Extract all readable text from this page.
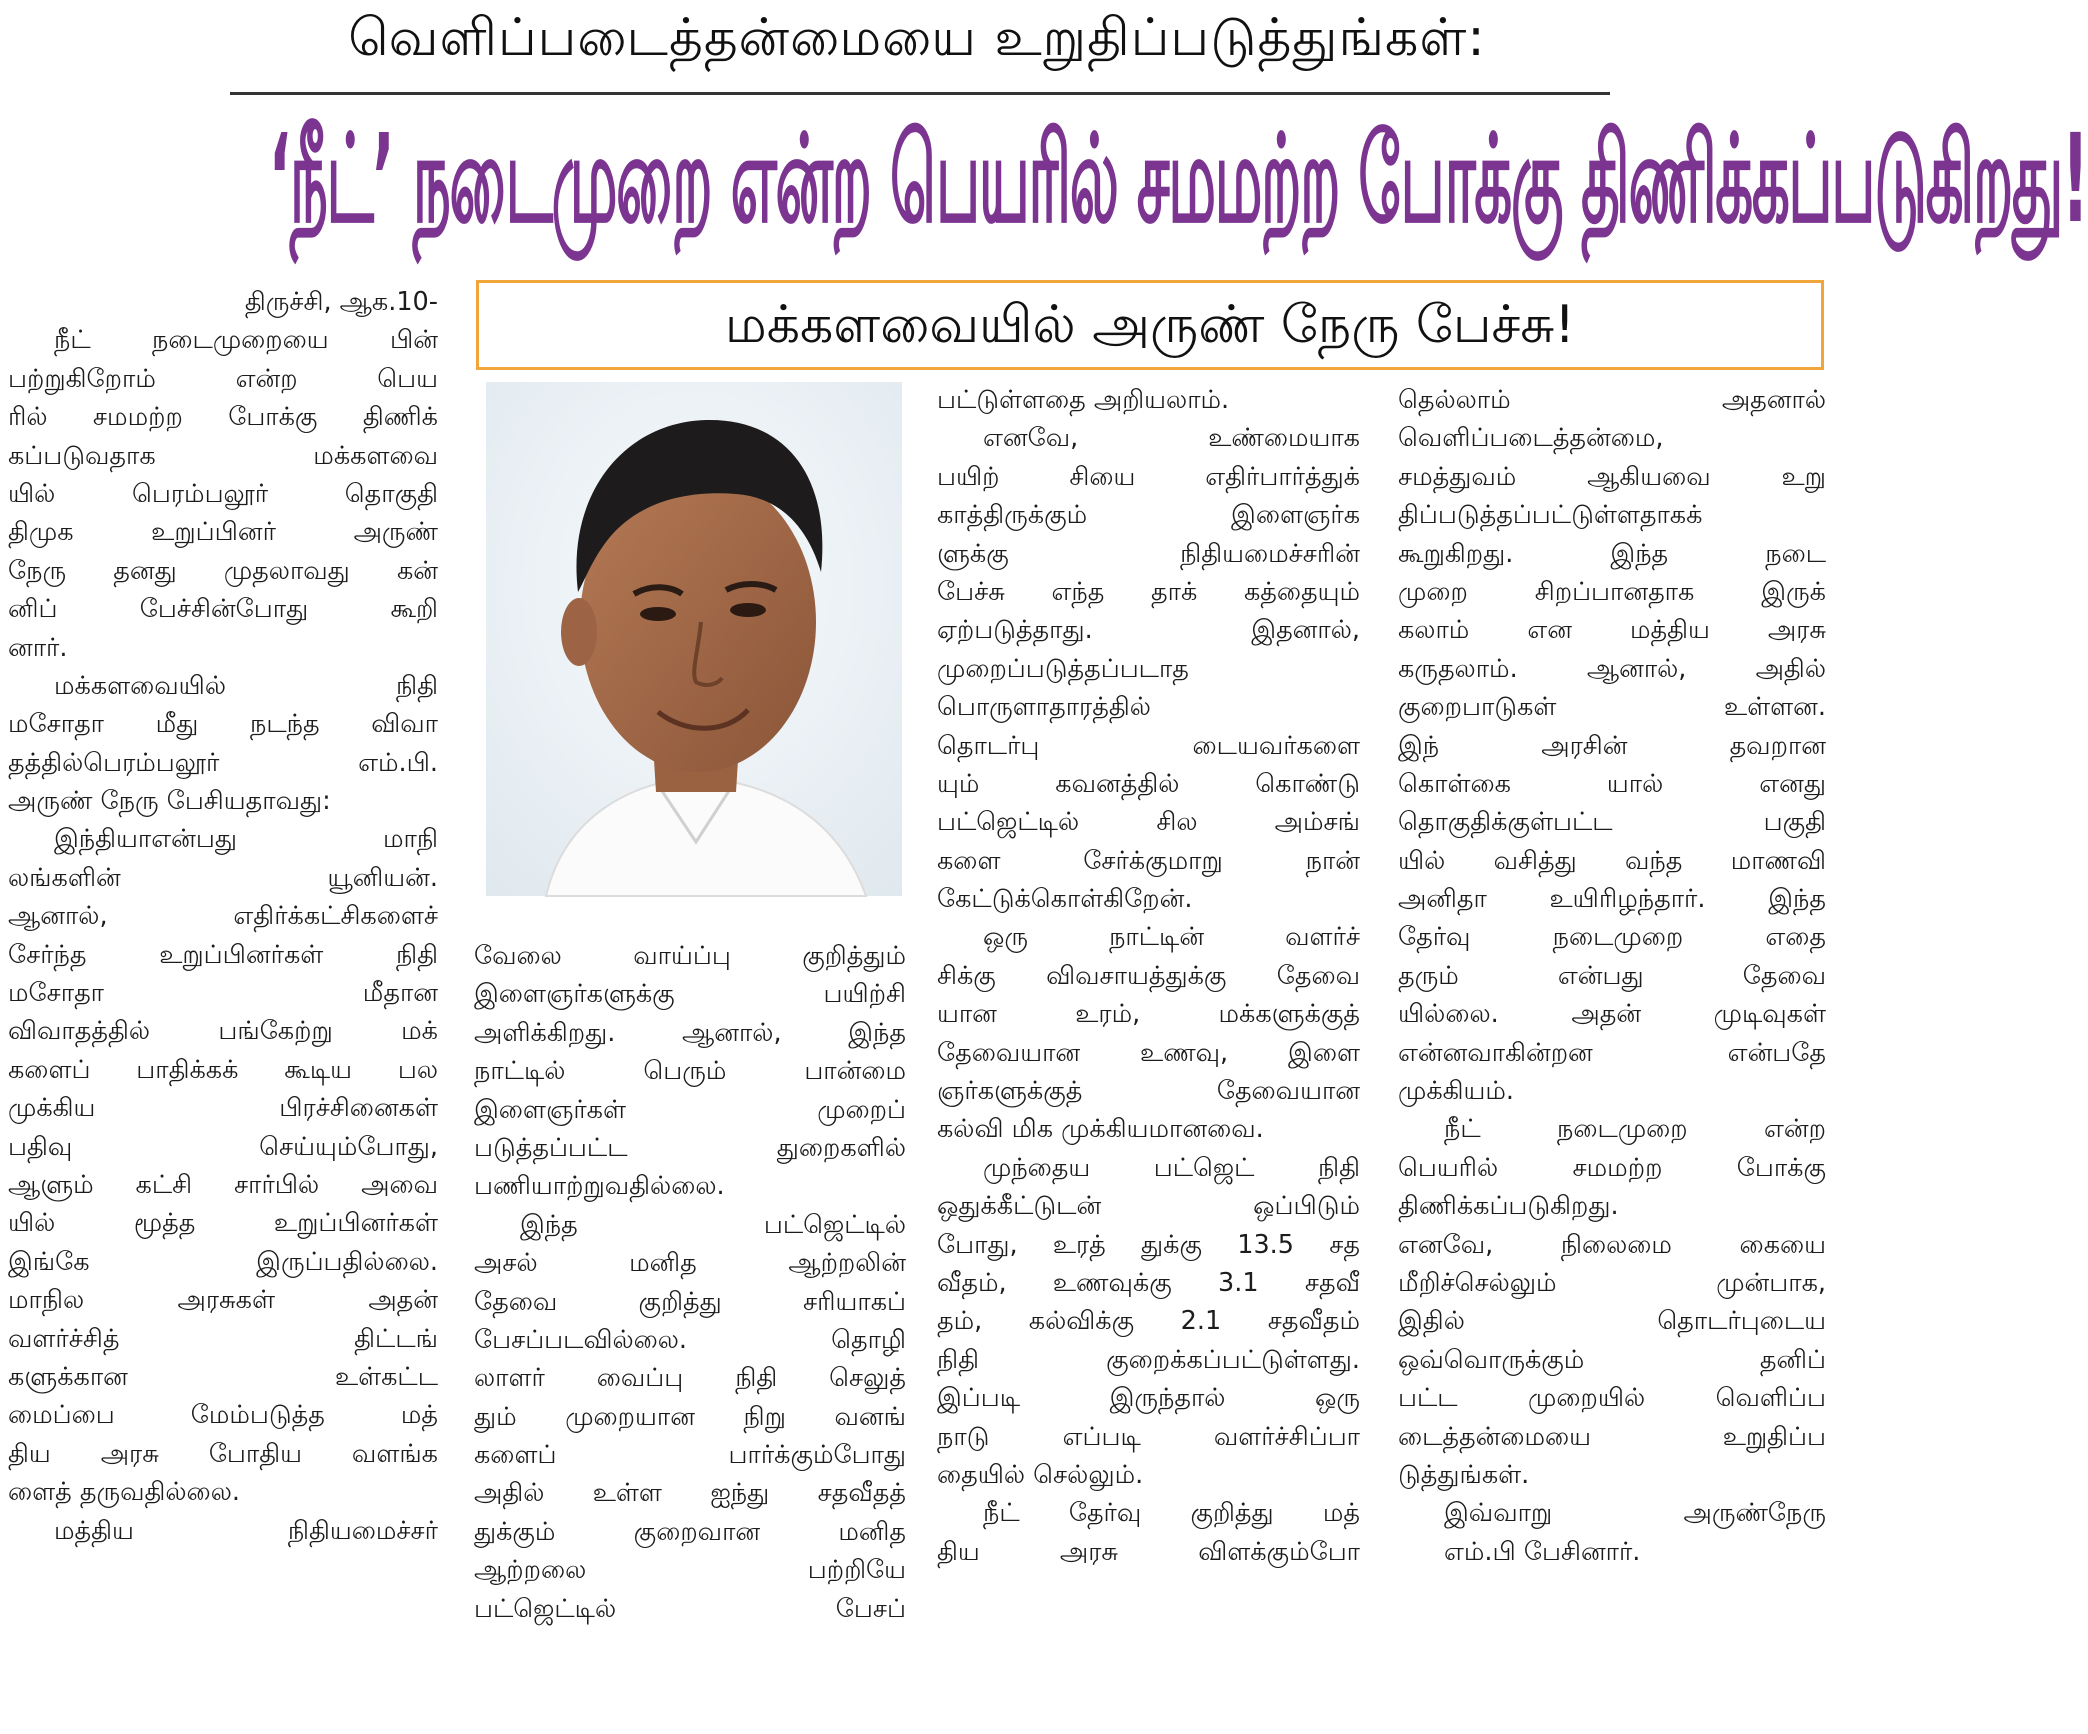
வெளிப்படைத்தன்மையை உறுதிப்படுத்துங்கள்:
‘நீட்’ நடைமுறை என்ற பெயரில் சமமற்ற போக்கு திணிக்கப்படுகிறது!
மக்களவையில் அருண் நேரு பேச்சு!
திருச்சி, ஆக.10-
நீட் நடைமுறையை பின்
பற்றுகிறோம் என்ற பெய
ரில் சமமற்ற போக்கு திணிக்
கப்படுவதாக மக்களவை
யில் பெரம்பலூர் தொகுதி
திமுக உறுப்பினர் அருண்
நேரு தனது முதலாவது கன்
னிப் பேச்சின்போது கூறி
னார்.
மக்களவையில் நிதி
மசோதா மீது நடந்த விவா
தத்தில்பெரம்பலூர் எம்.பி.
அருண் நேரு பேசியதாவது:
இந்தியாஎன்பது மாநி
லங்களின் யூனியன்.
ஆனால், எதிர்க்கட்சிகளைச்
சேர்ந்த உறுப்பினர்கள் நிதி
மசோதா மீதான
விவாதத்தில் பங்கேற்று மக்
களைப் பாதிக்கக் கூடிய பல
முக்கிய பிரச்சினைகள்
பதிவு செய்யும்போது,
ஆளும் கட்சி சார்பில் அவை
யில் மூத்த உறுப்பினர்கள்
இங்கே இருப்பதில்லை.
மாநில அரசுகள் அதன்
வளர்ச்சித் திட்டங்
களுக்கான உள்கட்ட
மைப்பை மேம்படுத்த மத்
திய அரசு போதிய வளங்க
ளைத் தருவதில்லை.
மத்திய நிதியமைச்சர்
வேலை வாய்ப்பு குறித்தும்
இளைஞர்களுக்கு பயிற்சி
அளிக்கிறது. ஆனால், இந்த
நாட்டில் பெரும் பான்மை
இளைஞர்கள் முறைப்
படுத்தப்பட்ட துறைகளில்
பணியாற்றுவதில்லை.
இந்த பட்ஜெட்டில்
அசல் மனித ஆற்றலின்
தேவை குறித்து சரியாகப்
பேசப்படவில்லை. தொழி
லாளர் வைப்பு நிதி செலுத்
தும் முறையான நிறு வனங்
களைப் பார்க்கும்போது
அதில் உள்ள ஐந்து சதவீதத்
துக்கும் குறைவான மனித
ஆற்றலை பற்றியே
பட்ஜெட்டில் பேசப்
பட்டுள்ளதை அறியலாம்.
எனவே, உண்மையாக
பயிற் சியை எதிர்பார்த்துக்
காத்திருக்கும் இளைஞர்க
ளுக்கு நிதியமைச்சரின்
பேச்சு எந்த தாக் கத்தையும்
ஏற்படுத்தாது. இதனால்,
முறைப்படுத்தப்படாத
பொருளாதாரத்தில்
தொடர்பு டையவர்களை
யும் கவனத்தில் கொண்டு
பட்ஜெட்டில் சில அம்சங்
களை சேர்க்குமாறு நான்
கேட்டுக்கொள்கிறேன்.
ஒரு நாட்டின் வளர்ச்
சிக்கு விவசாயத்துக்கு தேவை
யான உரம், மக்களுக்குத்
தேவையான உணவு, இளை
ஞர்களுக்குத் தேவையான
கல்வி மிக முக்கியமானவை.
முந்தைய பட்ஜெட் நிதி
ஒதுக்கீட்டுடன் ஒப்பிடும்
போது, உரத் துக்கு 13.5 சத
வீதம், உணவுக்கு 3.1 சதவீ
தம், கல்விக்கு 2.1 சதவீதம்
நிதி குறைக்கப்பட்டுள்ளது.
இப்படி இருந்தால் ஒரு
நாடு எப்படி வளர்ச்சிப்பா
தையில் செல்லும்.
நீட் தேர்வு குறித்து மத்
திய அரசு விளக்கும்போ
தெல்லாம் அதனால்
வெளிப்படைத்தன்மை,
சமத்துவம் ஆகியவை உறு
திப்படுத்தப்பட்டுள்ளதாகக்
கூறுகிறது. இந்த நடை
முறை சிறப்பானதாக இருக்
கலாம் என மத்திய அரசு
கருதலாம். ஆனால், அதில்
குறைபாடுகள் உள்ளன.
இந் அரசின் தவறான
கொள்கை யால் எனது
தொகுதிக்குள்பட்ட பகுதி
யில் வசித்து வந்த மாணவி
அனிதா உயிரிழந்தார். இந்த
தேர்வு நடைமுறை எதை
தரும் என்பது தேவை
யில்லை. அதன் முடிவுகள்
என்னவாகின்றன என்பதே
முக்கியம்.
நீட் நடைமுறை என்ற
பெயரில் சமமற்ற போக்கு
திணிக்கப்படுகிறது.
எனவே, நிலைமை கையை
மீறிச்செல்லும் முன்பாக,
இதில் தொடர்புடைய
ஒவ்வொருக்கும் தனிப்
பட்ட முறையில் வெளிப்ப
டைத்தன்மையை உறுதிப்ப
டுத்துங்கள்.
இவ்வாறு அருண்நேரு
எம்.பி பேசினார்.
